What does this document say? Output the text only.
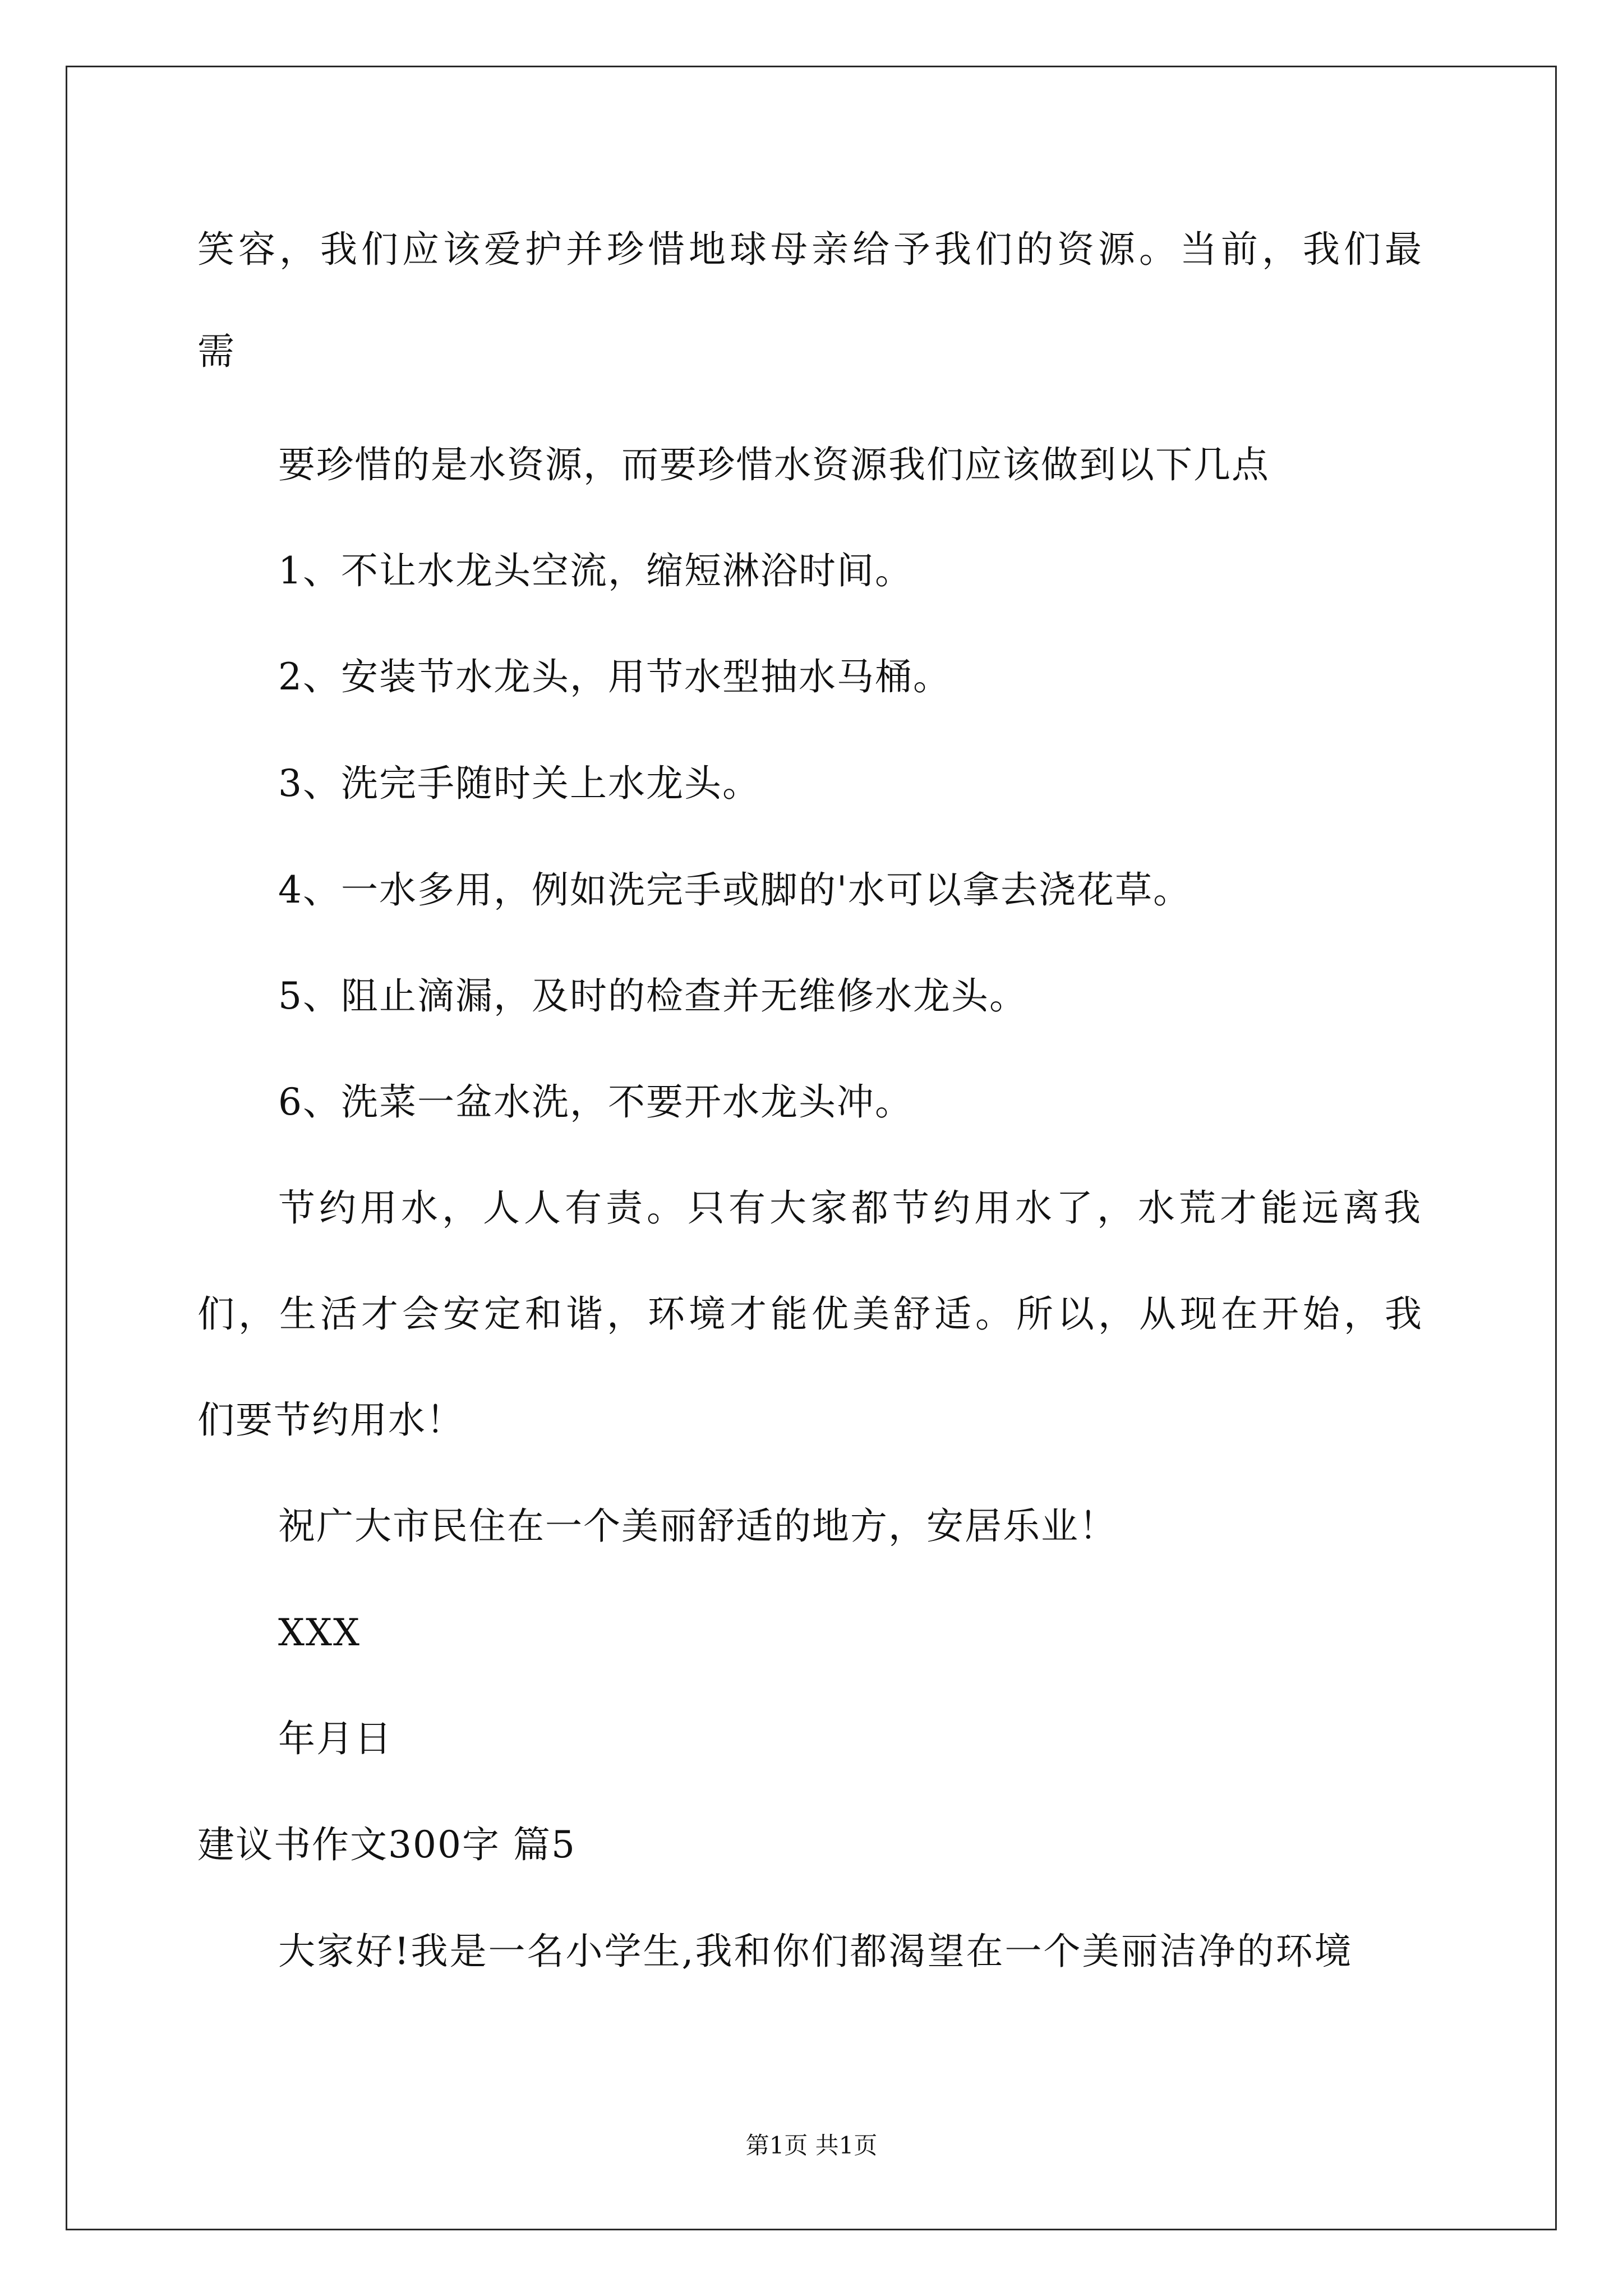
笑容，我们应该爱护并珍惜地球母亲给予我们的资源。当前，我们最
需
要珍惜的是水资源，而要珍惜水资源我们应该做到以下几点
1、不让水龙头空流，缩短淋浴时间。
2、安装节水龙头，用节水型抽水马桶。
3、洗完手随时关上水龙头。
4、一水多用，例如洗完手或脚的'水可以拿去浇花草。
5、阻止滴漏，及时的检查并无维修水龙头。
6、洗菜一盆水洗，不要开水龙头冲。
节约用水，人人有责。只有大家都节约用水了，水荒才能远离我
们，生活才会安定和谐，环境才能优美舒适。所以，从现在开始，我
们要节约用水！
祝广大市民住在一个美丽舒适的地方，安居乐业！
XXX
年月日
建议书作文300字 篇5
大家好!我是一名小学生,我和你们都渴望在一个美丽洁净的环境
第1页 共1页
